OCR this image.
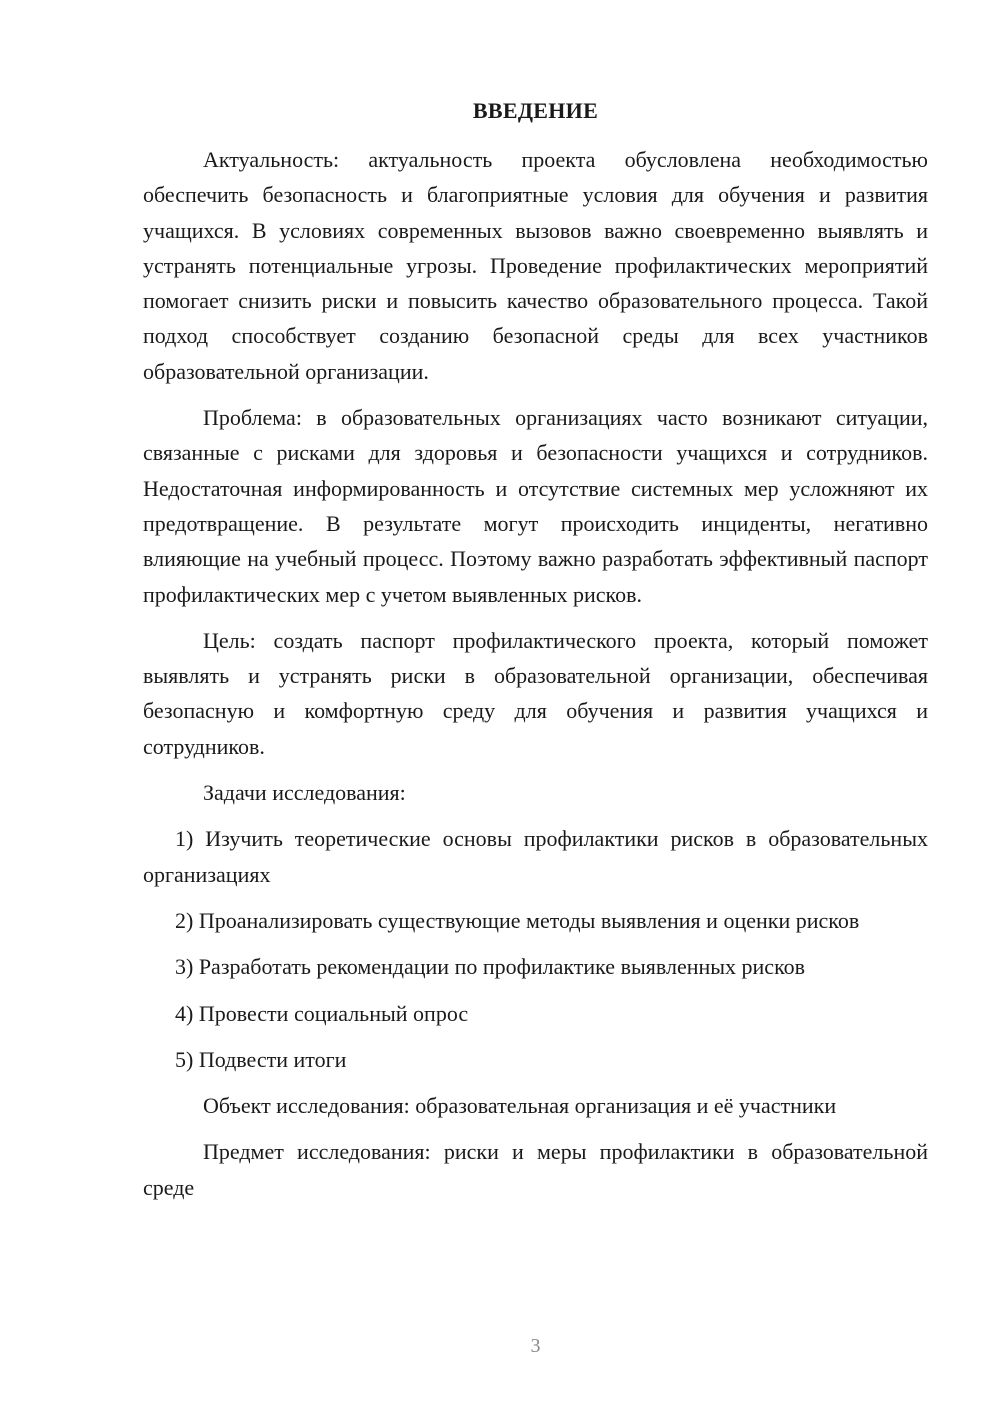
ВВЕДЕНИЕ

Актуальность: актуальность проекта обусловлена необходимостью обеспечить безопасность и благоприятные условия для обучения и развития учащихся. В условиях современных вызовов важно своевременно выявлять и устранять потенциальные угрозы. Проведение профилактических мероприятий помогает снизить риски и повысить качество образовательного процесса. Такой подход способствует созданию безопасной среды для всех участников образовательной организации.

Проблема: в образовательных организациях часто возникают ситуации, связанные с рисками для здоровья и безопасности учащихся и сотрудников. Недостаточная информированность и отсутствие системных мер усложняют их предотвращение. В результате могут происходить инциденты, негативно влияющие на учебный процесс. Поэтому важно разработать эффективный паспорт профилактических мер с учетом выявленных рисков.

Цель: создать паспорт профилактического проекта, который поможет выявлять и устранять риски в образовательной организации, обеспечивая безопасную и комфортную среду для обучения и развития учащихся и сотрудников.

Задачи исследования:

1) Изучить теоретические основы профилактики рисков в образовательных организациях

2) Проанализировать существующие методы выявления и оценки рисков

3) Разработать рекомендации по профилактике выявленных рисков

4) Провести социальный опрос

5) Подвести итоги

Объект исследования: образовательная организация и её участники

Предмет исследования: риски и меры профилактики в образовательной среде

3
